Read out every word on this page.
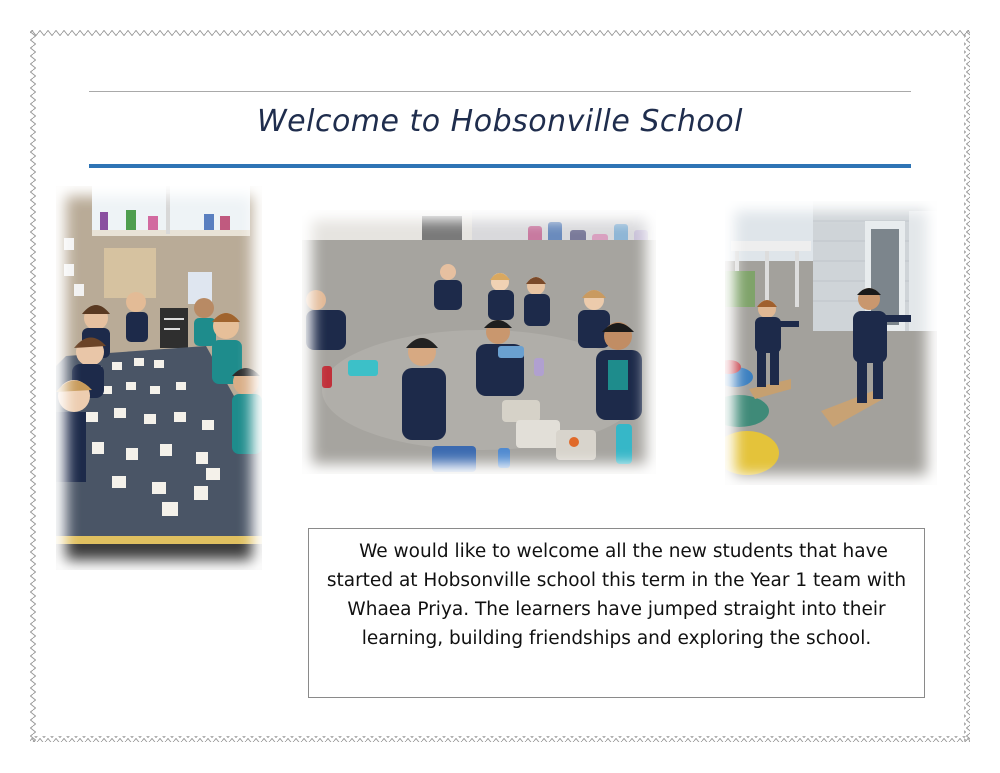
Welcome to Hobsonville School

We would like to welcome all the new students that have started at Hobsonville school this term in the Year 1 team with Whaea Priya. The learners have jumped straight into their learning, building friendships and exploring the school.
